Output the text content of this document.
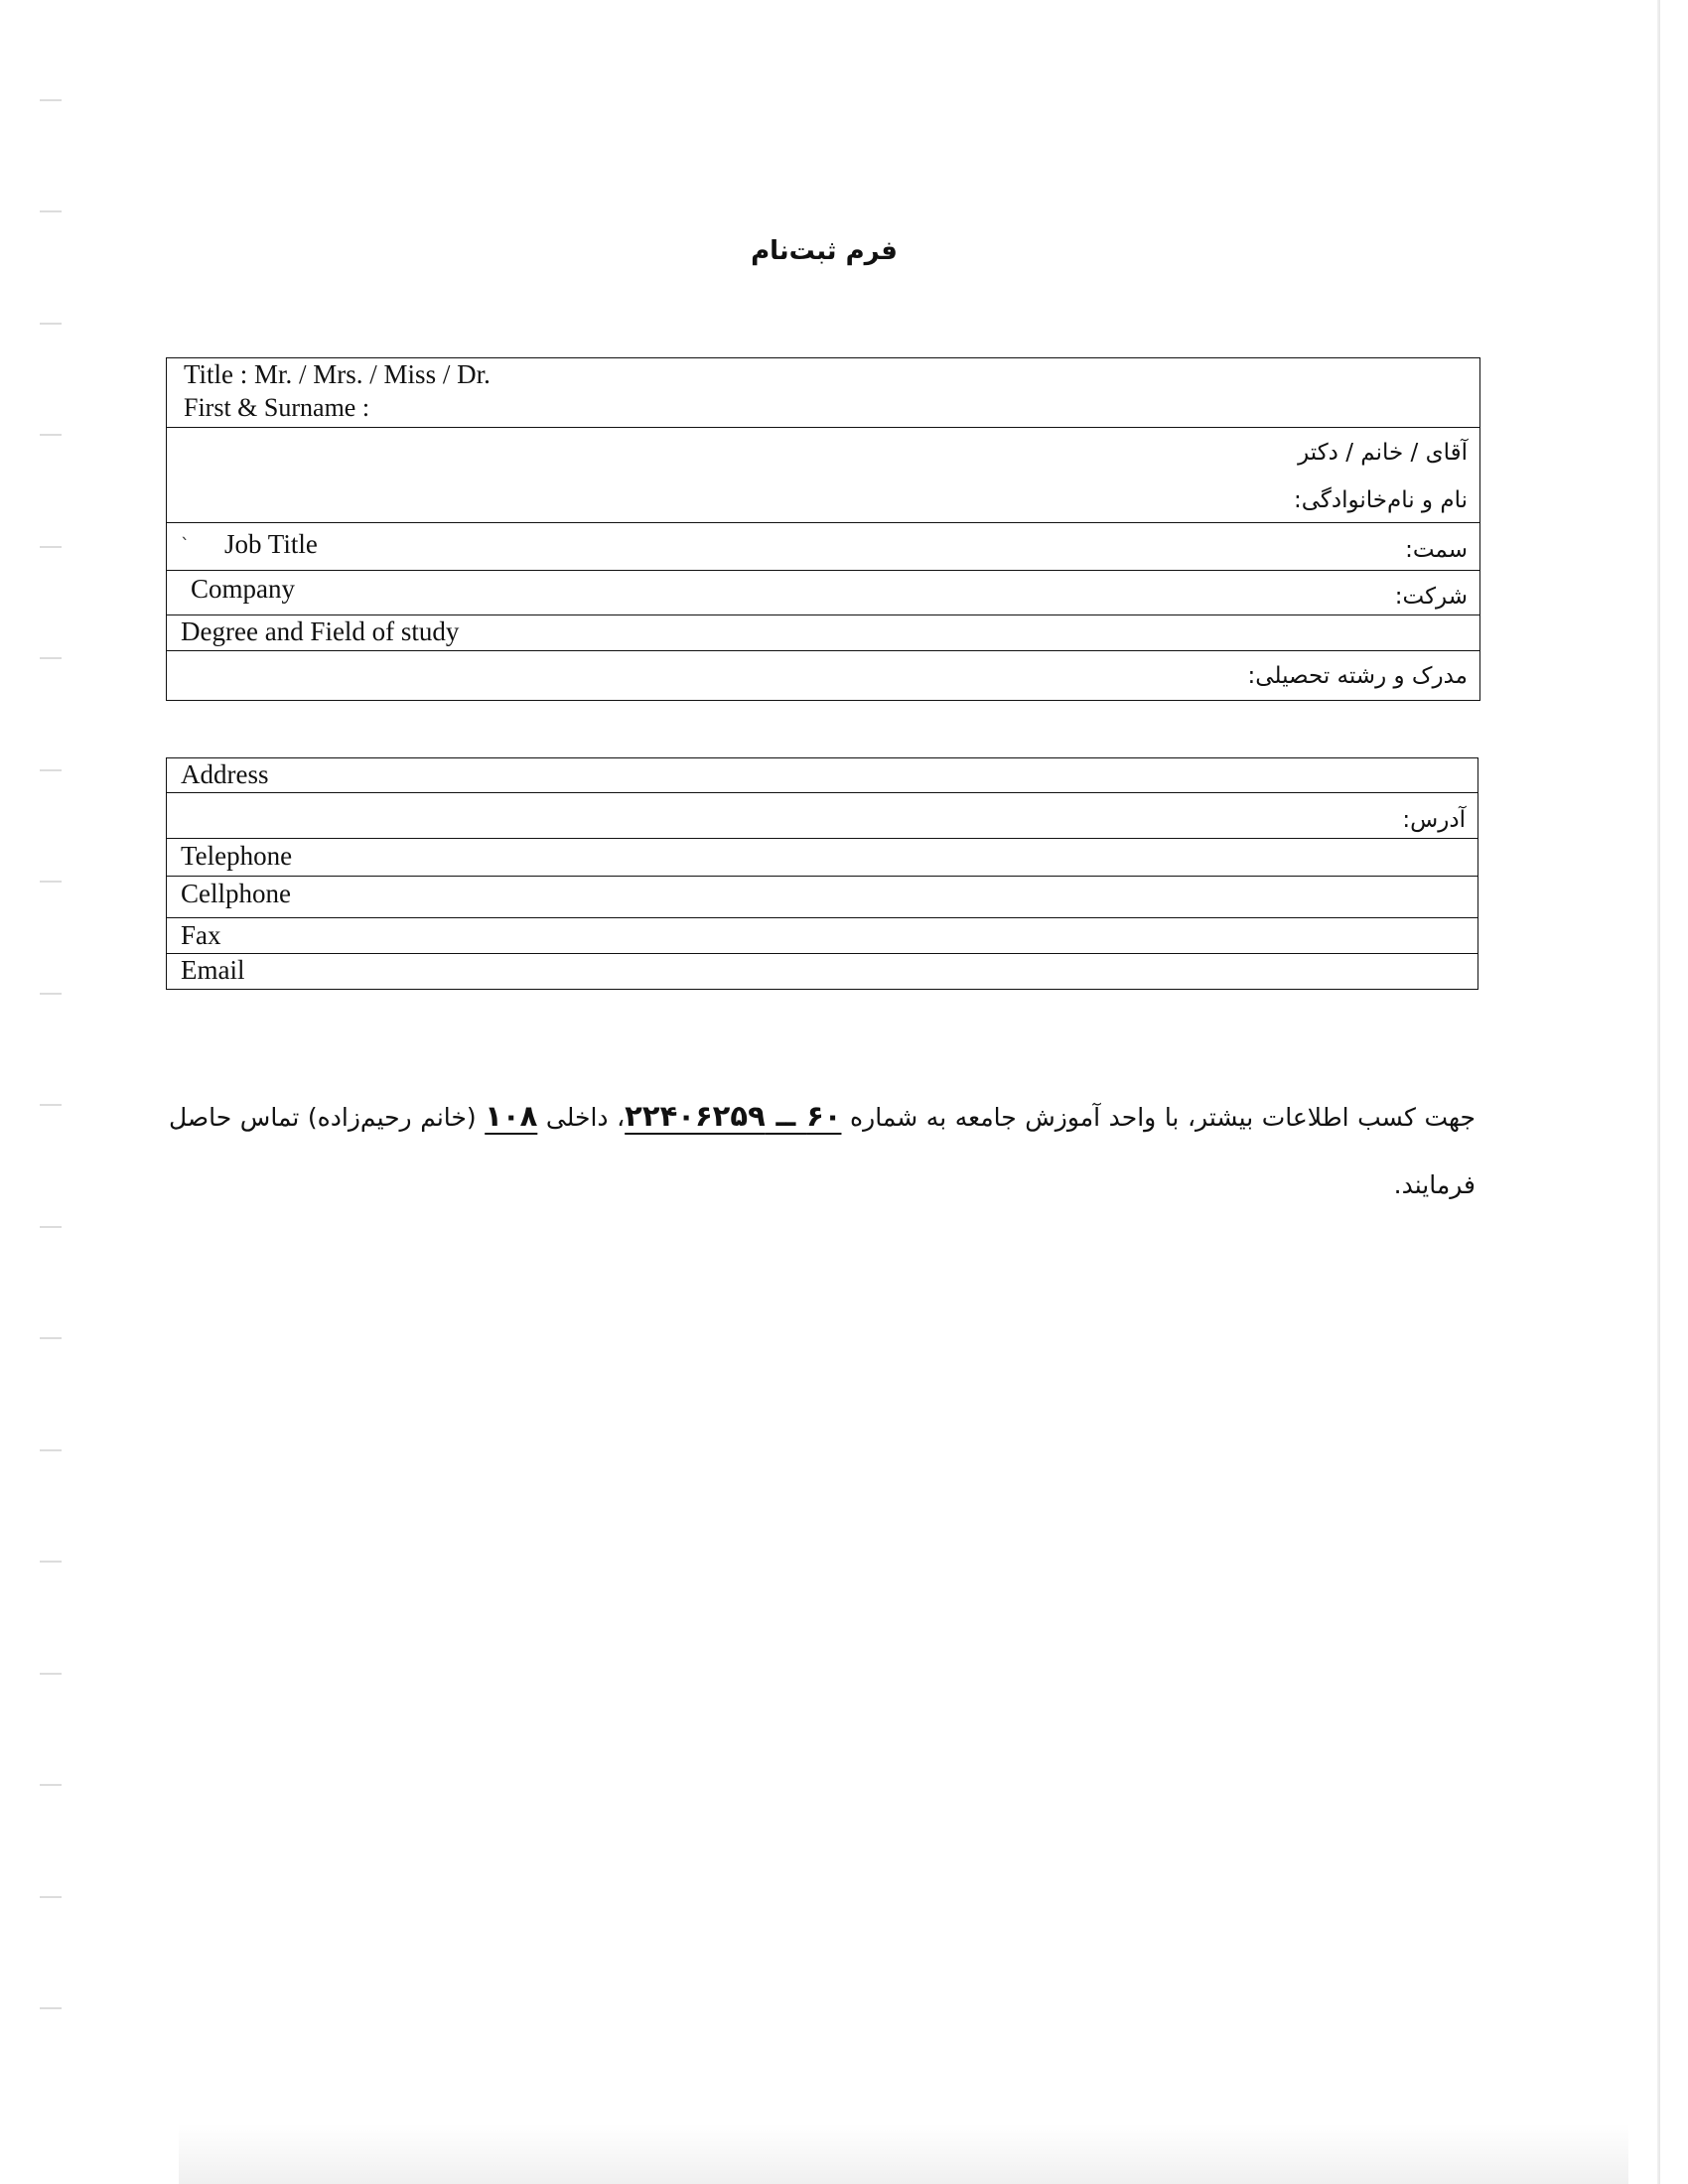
فرم ثبت‌نام
Title : Mr. / Mrs. / Miss / Dr.
First & Surname :
آقای / خانم / دکتر
نام و نام‌خانوادگی:
` Job Title	سمت:
Company	شرکت:
Degree and Field of study
مدرک و رشته تحصیلی:
Address
آدرس:
Telephone
Cellphone
Fax
Email

جهت کسب اطلاعات بیشتر، با واحد آموزش جامعه به شماره ۶۰ ــ ۲۲۴۰۶۲۵۹، داخلی ۱۰۸ (خانم رحیم‌زاده) تماس حاصل فرمایند.
